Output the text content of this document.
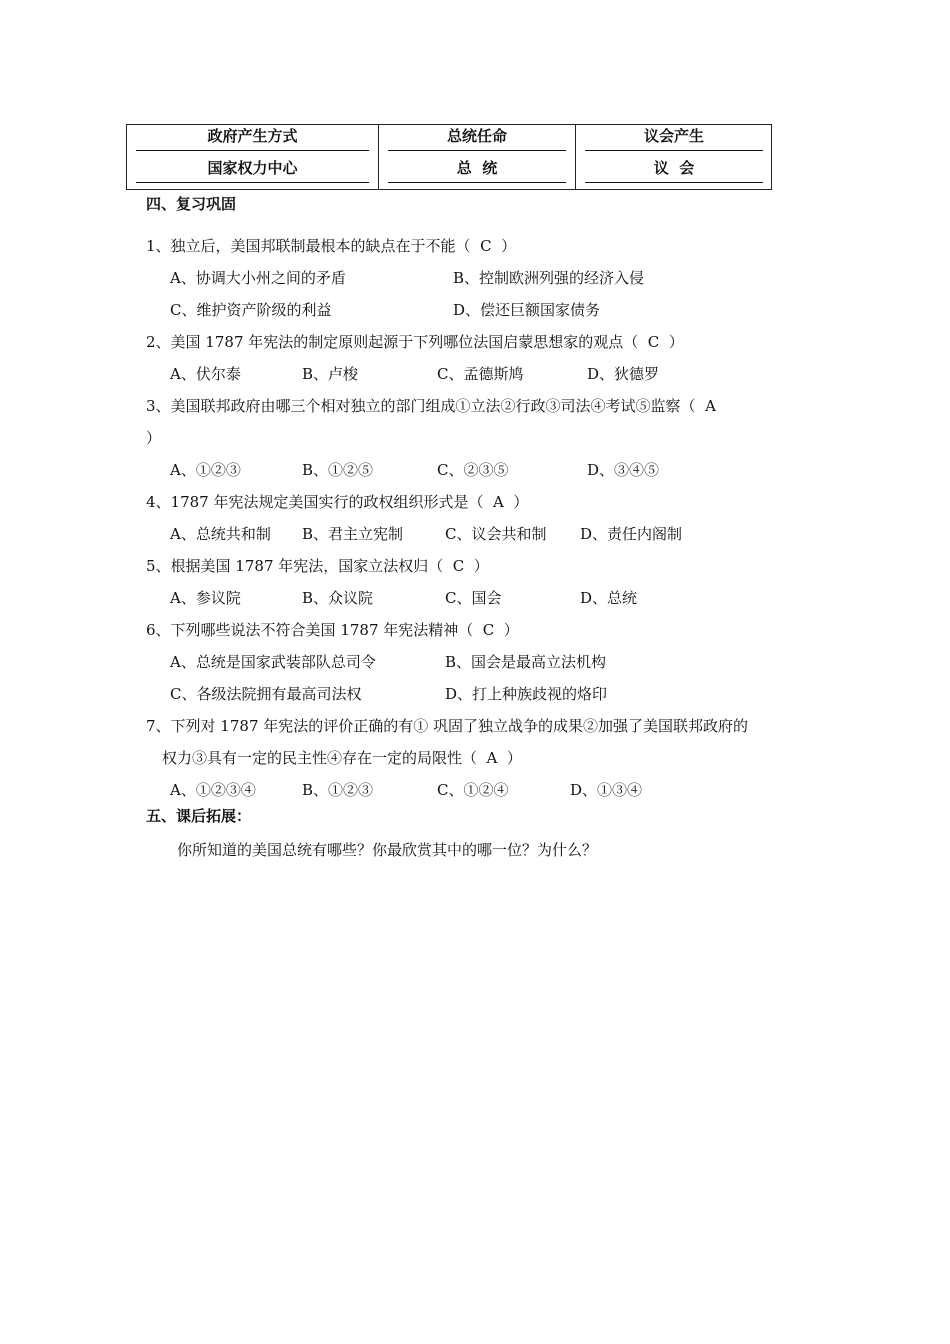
政府产生方式	总统任命	议会产生
国家权力中心	总  统	议  会
四、复习巩固
1、独立后，美国邦联制最根本的缺点在于不能（  C  ）
A、协调大小州之间的矛盾	B、控制欧洲列强的经济入侵
C、维护资产阶级的利益	D、偿还巨额国家债务
2、美国 1787 年宪法的制定原则起源于下列哪位法国启蒙思想家的观点（  C  ）
A、伏尔泰	B、卢梭	C、孟德斯鸠	D、狄德罗
3、美国联邦政府由哪三个相对独立的部门组成①立法②行政③司法④考试⑤监察（  A
）
A、①②③	B、①②⑤	C、②③⑤	D、③④⑤
4、1787 年宪法规定美国实行的政权组织形式是（  A  ）
A、总统共和制 B、君主立宪制	C、议会共和制 D、责任内阁制
5、根据美国 1787 年宪法，国家立法权归（  C  ）
A、参议院	B、众议院	C、国会	D、总统
6、下列哪些说法不符合美国 1787 年宪法精神（  C  ）
A、总统是国家武装部队总司令	B、国会是最高立法机构
C、各级法院拥有最高司法权	D、打上种族歧视的烙印
7、下列对 1787 年宪法的评价正确的有① 巩固了独立战争的成果②加强了美国联邦政府的
权力③具有一定的民主性④存在一定的局限性（  A  ）
A、①②③④	B、①②③	C、①②④	D、①③④
五、课后拓展：
你所知道的美国总统有哪些？你最欣赏其中的哪一位？为什么？
